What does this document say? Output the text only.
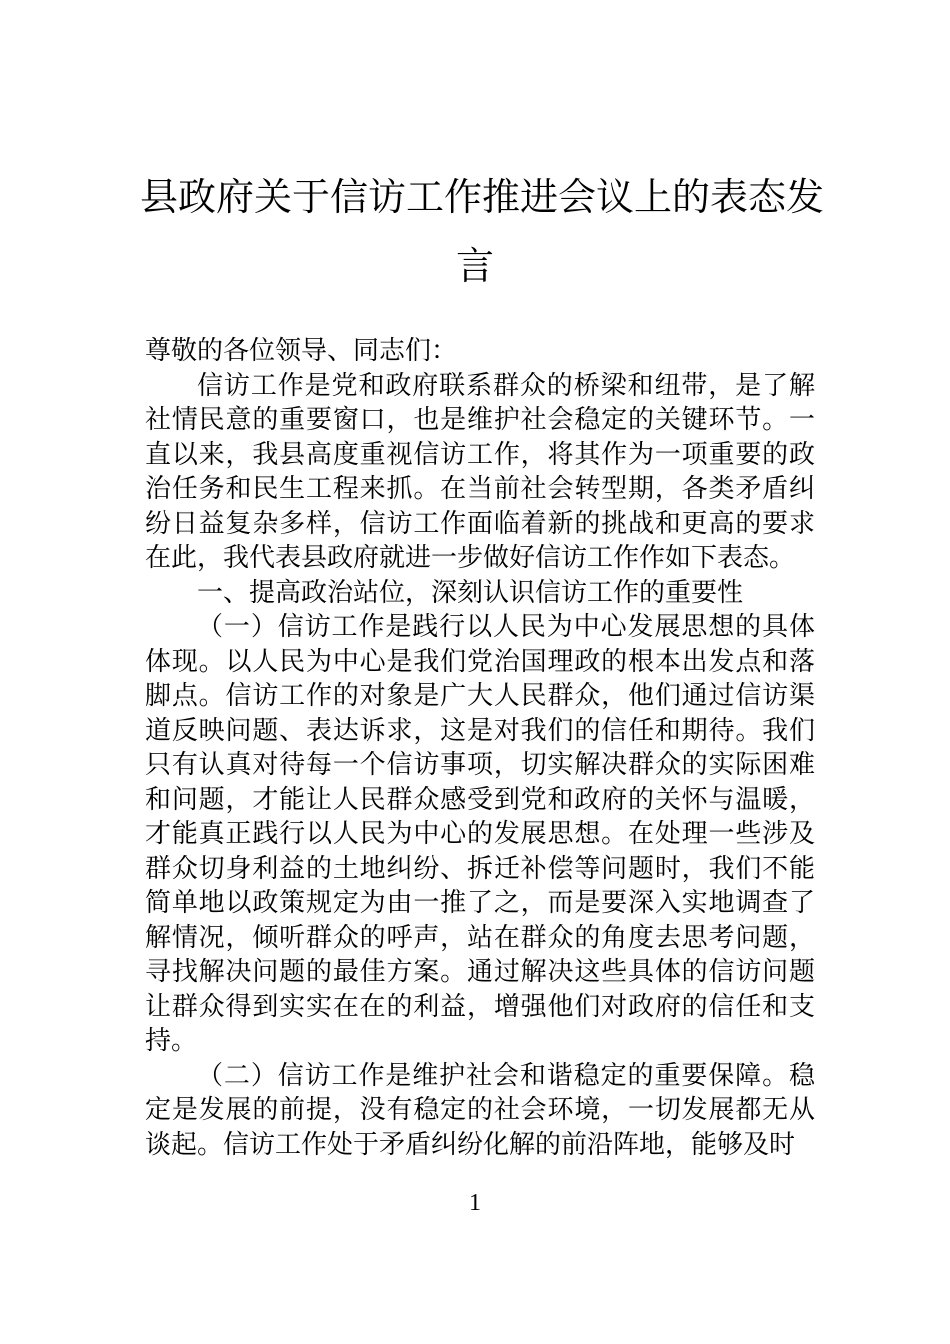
县政府关于信访工作推进会议上的表态发
言

尊敬的各位领导、同志们：

信访工作是党和政府联系群众的桥梁和纽带，是了解社情民意的重要窗口，也是维护社会稳定的关键环节。一直以来，我县高度重视信访工作，将其作为一项重要的政治任务和民生工程来抓。在当前社会转型期，各类矛盾纠纷日益复杂多样，信访工作面临着新的挑战和更高的要求在此，我代表县政府就进一步做好信访工作作如下表态。

一、提高政治站位，深刻认识信访工作的重要性

（一）信访工作是践行以人民为中心发展思想的具体体现。以人民为中心是我们党治国理政的根本出发点和落脚点。信访工作的对象是广大人民群众，他们通过信访渠道反映问题、表达诉求，这是对我们的信任和期待。我们只有认真对待每一个信访事项，切实解决群众的实际困难和问题，才能让人民群众感受到党和政府的关怀与温暖，才能真正践行以人民为中心的发展思想。在处理一些涉及群众切身利益的土地纠纷、拆迁补偿等问题时，我们不能简单地以政策规定为由一推了之，而是要深入实地调查了解情况，倾听群众的呼声，站在群众的角度去思考问题，寻找解决问题的最佳方案。通过解决这些具体的信访问题让群众得到实实在在的利益，增强他们对政府的信任和支持。

（二）信访工作是维护社会和谐稳定的重要保障。稳定是发展的前提，没有稳定的社会环境，一切发展都无从谈起。信访工作处于矛盾纠纷化解的前沿阵地，能够及时

1
